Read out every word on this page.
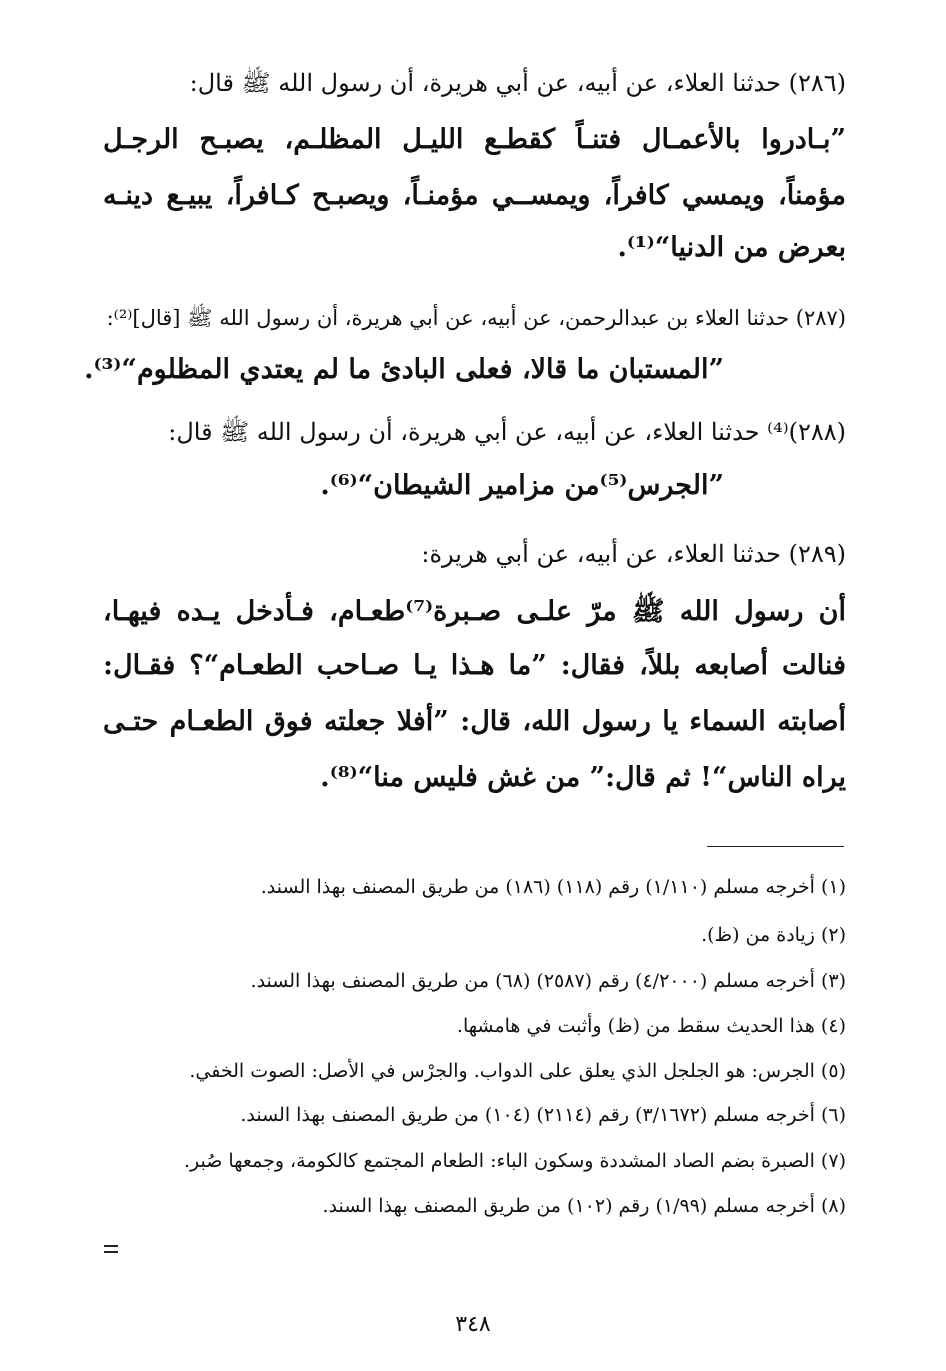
(٢٨٦) حدثنا العلاء، عن أبيه، عن أبي هريرة، أن رسول الله ﷺ قال:
”بـادروا بالأعمـال فتنـاً كقطـع الليـل المظلـم، يصبـح الرجـل
مؤمناً، ويمسي كافراً، ويمســي مؤمنـاً، ويصبـح كـافراً، يبيـع دينـه
بعرض من الدنيا“⁽¹⁾.
(٢٨٧) حدثنا العلاء بن عبدالرحمن، عن أبيه، عن أبي هريرة، أن رسول الله ﷺ [قال]⁽²⁾:
”المستبان ما قالا، فعلى البادئ ما لم يعتدي المظلوم“⁽³⁾.
(٢٨٨)⁽⁴⁾ حدثنا العلاء، عن أبيه، عن أبي هريرة، أن رسول الله ﷺ قال:
”الجرس⁽⁵⁾من مزامير الشيطان“⁽⁶⁾.
(٢٨٩) حدثنا العلاء، عن أبيه، عن أبي هريرة:
أن رسول الله ﷺ مرّ علـى صـبرة⁽⁷⁾طعـام، فـأدخل يـده فيهـا،
فنالت أصابعه بللاً، فقال: ”ما هـذا يـا صـاحب الطعـام“؟ فقـال:
أصابته السماء يا رسول الله، قال: ”أفلا جعلته فوق الطعـام حتـى
يراه الناس“! ثم قال:” من غش فليس منا“⁽⁸⁾.
(١) أخرجه مسلم (١/١١٠) رقم (١١٨) (١٨٦) من طريق المصنف بهذا السند.
(٢) زيادة من (ظ).
(٣) أخرجه مسلم (٤/٢٠٠٠) رقم (٢٥٨٧) (٦٨) من طريق المصنف بهذا السند.
(٤) هذا الحديث سقط من (ظ) وأثبت في هامشها.
(٥) الجرس: هو الجلجل الذي يعلق على الدواب. والجرْس في الأصل: الصوت الخفي.
(٦) أخرجه مسلم (٣/١٦٧٢) رقم (٢١١٤) (١٠٤) من طريق المصنف بهذا السند.
(٧) الصبرة بضم الصاد المشددة وسكون الباء: الطعام المجتمع كالكومة، وجمعها صُبر.
(٨) أخرجه مسلم (١/٩٩) رقم (١٠٢) من طريق المصنف بهذا السند.
٣٤٨
